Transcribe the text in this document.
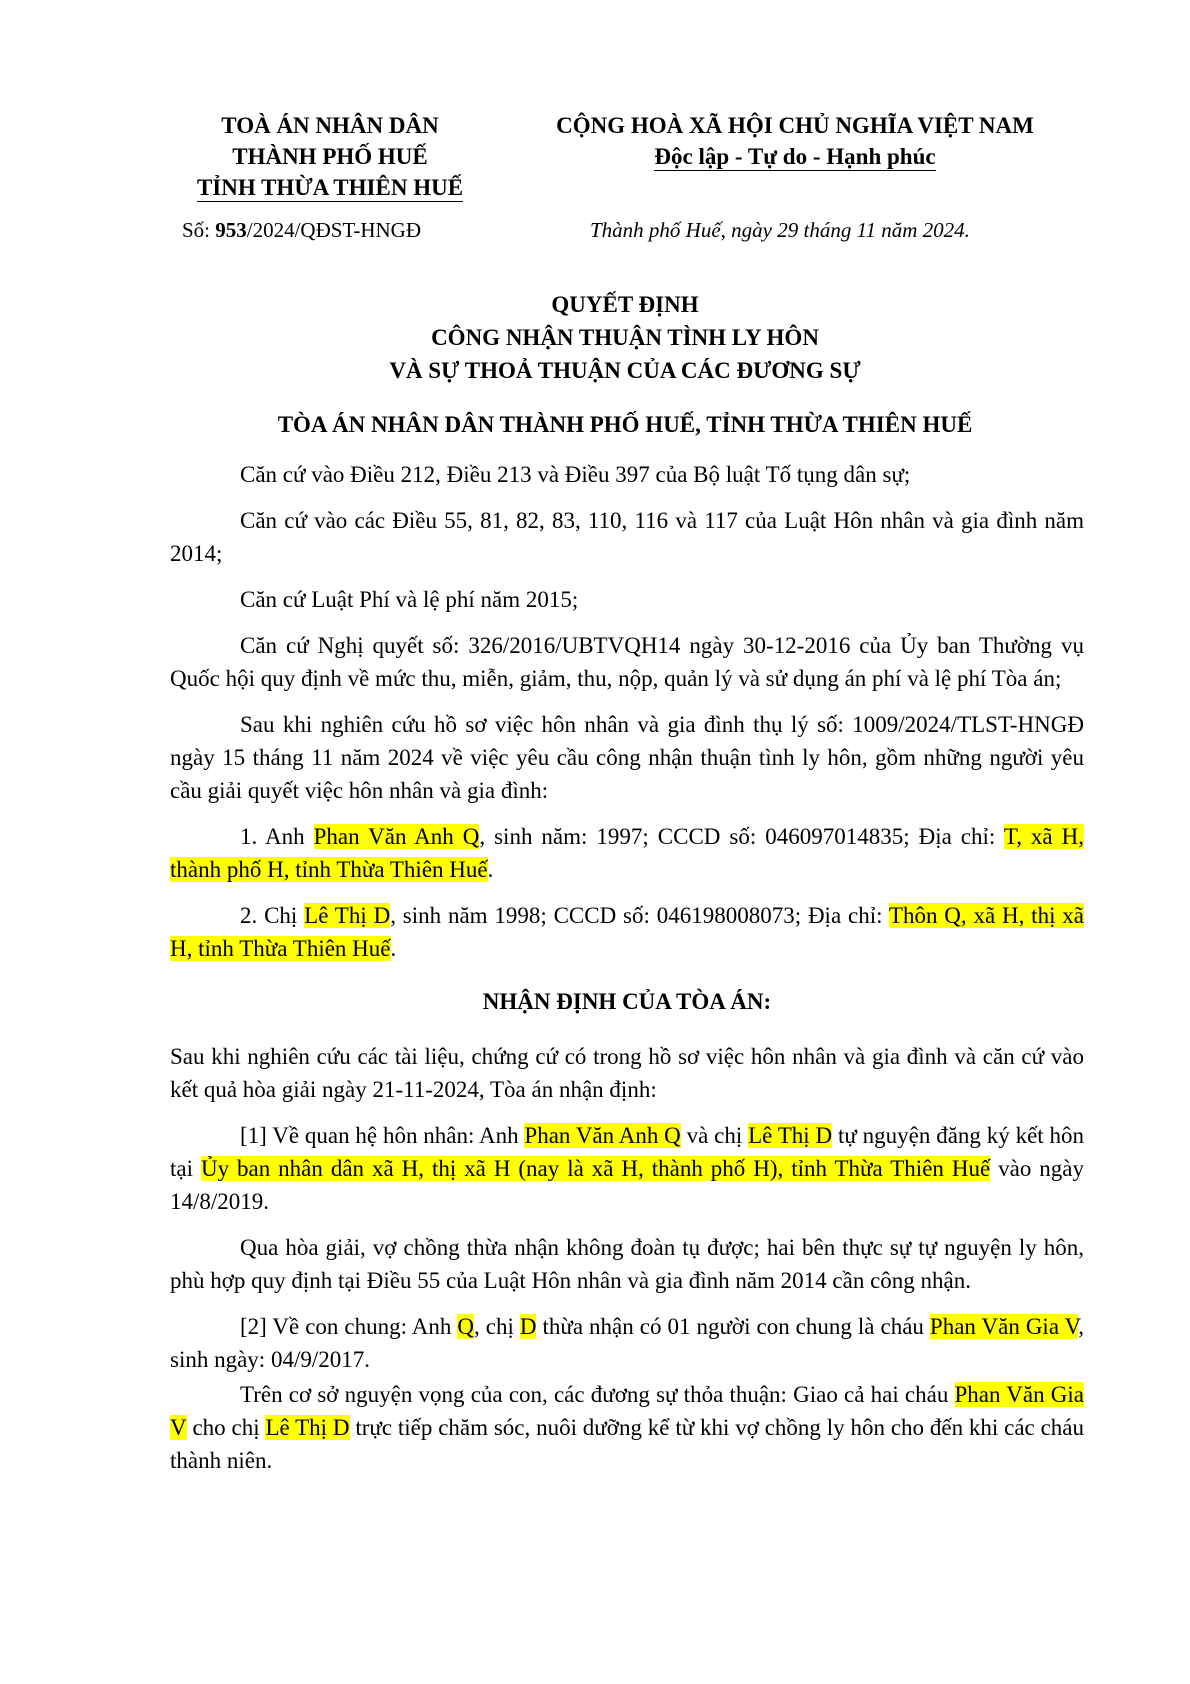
TOÀ ÁN NHÂN DÂN
THÀNH PHỐ HUẾ
TỈNH THỪA THIÊN HUẾ
CỘNG HOÀ XÃ HỘI CHỦ NGHĨA VIỆT NAM
Độc lập - Tự do - Hạnh phúc
Số: 953/2024/QĐST-HNGĐ	Thành phố Huế, ngày 29 tháng 11 năm 2024.
QUYẾT ĐỊNH
CÔNG NHẬN THUẬN TÌNH LY HÔN
VÀ SỰ THOẢ THUẬN CỦA CÁC ĐƯƠNG SỰ
TÒA ÁN NHÂN DÂN THÀNH PHỐ HUẾ, TỈNH THỪA THIÊN HUẾ

Căn cứ vào Điều 212, Điều 213 và Điều 397 của Bộ luật Tố tụng dân sự;

Căn cứ vào các Điều 55, 81, 82, 83, 110, 116 và 117 của Luật Hôn nhân và gia đình năm 2014;

Căn cứ Luật Phí và lệ phí năm 2015;

Căn cứ Nghị quyết số: 326/2016/UBTVQH14 ngày 30-12-2016 của Ủy ban Thường vụ Quốc hội quy định về mức thu, miễn, giảm, thu, nộp, quản lý và sử dụng án phí và lệ phí Tòa án;

Sau khi nghiên cứu hồ sơ việc hôn nhân và gia đình thụ lý số: 1009/2024/TLST-HNGĐ ngày 15 tháng 11 năm 2024 về việc yêu cầu công nhận thuận tình ly hôn, gồm những người yêu cầu giải quyết việc hôn nhân và gia đình:

1. Anh Phan Văn Anh Q, sinh năm: 1997; CCCD số: 046097014835; Địa chỉ: T, xã H, thành phố H, tỉnh Thừa Thiên Huế.

2. Chị Lê Thị D, sinh năm 1998; CCCD số: 046198008073; Địa chỉ: Thôn Q, xã H, thị xã H, tỉnh Thừa Thiên Huế.

NHẬN ĐỊNH CỦA TÒA ÁN:

Sau khi nghiên cứu các tài liệu, chứng cứ có trong hồ sơ việc hôn nhân và gia đình và căn cứ vào kết quả hòa giải ngày 21-11-2024, Tòa án nhận định:

[1] Về quan hệ hôn nhân: Anh Phan Văn Anh Q và chị Lê Thị D tự nguyện đăng ký kết hôn tại Ủy ban nhân dân xã H, thị xã H (nay là xã H, thành phố H), tỉnh Thừa Thiên Huế vào ngày 14/8/2019.

Qua hòa giải, vợ chồng thừa nhận không đoàn tụ được; hai bên thực sự tự nguyện ly hôn, phù hợp quy định tại Điều 55 của Luật Hôn nhân và gia đình năm 2014 cần công nhận.

[2] Về con chung: Anh Q, chị D thừa nhận có 01 người con chung là cháu Phan Văn Gia V, sinh ngày: 04/9/2017.

Trên cơ sở nguyện vọng của con, các đương sự thỏa thuận: Giao cả hai cháu Phan Văn Gia V cho chị Lê Thị D trực tiếp chăm sóc, nuôi dưỡng kể từ khi vợ chồng ly hôn cho đến khi các cháu thành niên.
